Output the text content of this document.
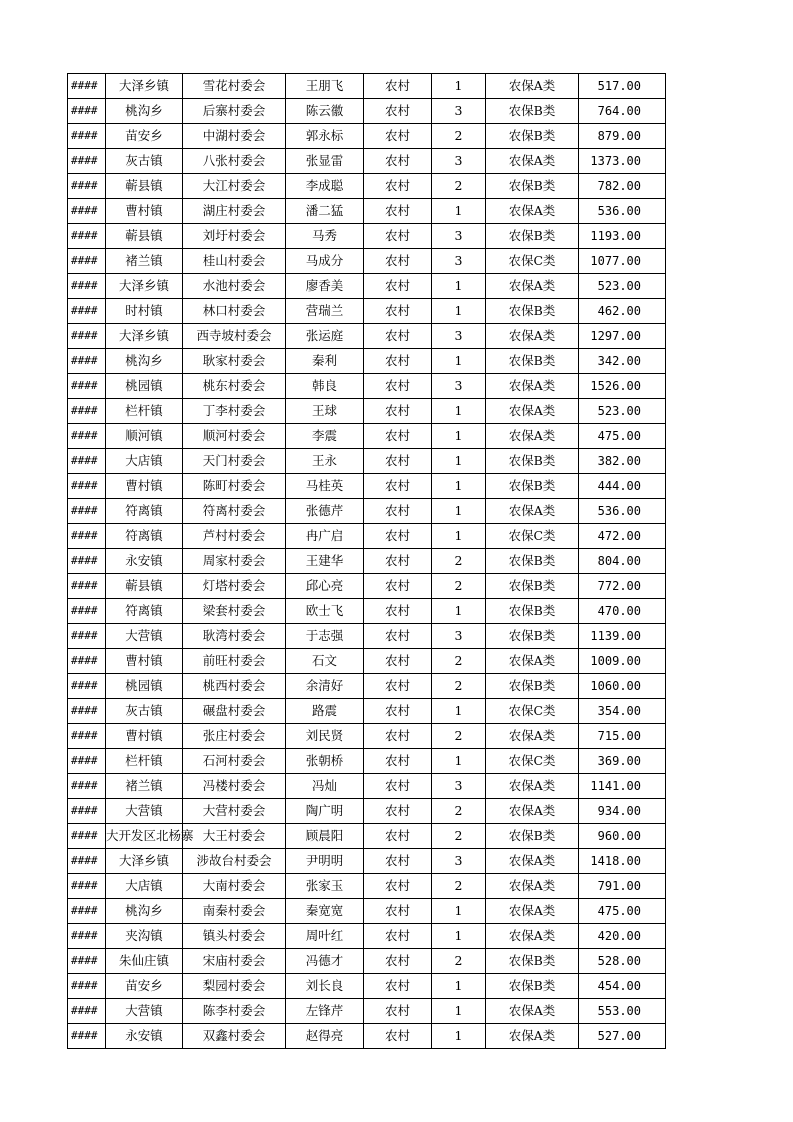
####	大泽乡镇	雪花村委会	王朋飞	农村	1	农保A类	517.00
####	桃沟乡	后寨村委会	陈云徽	农村	3	农保B类	764.00
####	苗安乡	中湖村委会	郭永标	农村	2	农保B类	879.00
####	灰古镇	八张村委会	张显雷	农村	3	农保A类	1373.00
####	蕲县镇	大江村委会	李成聪	农村	2	农保B类	782.00
####	曹村镇	湖庄村委会	潘二猛	农村	1	农保A类	536.00
####	蕲县镇	刘圩村委会	马秀	农村	3	农保B类	1193.00
####	褚兰镇	桂山村委会	马成分	农村	3	农保C类	1077.00
####	大泽乡镇	水池村委会	廖香美	农村	1	农保A类	523.00
####	时村镇	林口村委会	营瑞兰	农村	1	农保B类	462.00
####	大泽乡镇	西寺坡村委会	张运庭	农村	3	农保A类	1297.00
####	桃沟乡	耿家村委会	秦利	农村	1	农保B类	342.00
####	桃园镇	桃东村委会	韩良	农村	3	农保A类	1526.00
####	栏杆镇	丁李村委会	王球	农村	1	农保A类	523.00
####	顺河镇	顺河村委会	李震	农村	1	农保A类	475.00
####	大店镇	天门村委会	王永	农村	1	农保B类	382.00
####	曹村镇	陈町村委会	马桂英	农村	1	农保B类	444.00
####	符离镇	符离村委会	张德芹	农村	1	农保A类	536.00
####	符离镇	芦村村委会	冉广启	农村	1	农保C类	472.00
####	永安镇	周家村委会	王建华	农村	2	农保B类	804.00
####	蕲县镇	灯塔村委会	邱心亮	农村	2	农保B类	772.00
####	符离镇	梁套村委会	欧士飞	农村	1	农保B类	470.00
####	大营镇	耿湾村委会	于志强	农村	3	农保B类	1139.00
####	曹村镇	前旺村委会	石文	农村	2	农保A类	1009.00
####	桃园镇	桃西村委会	余清好	农村	2	农保B类	1060.00
####	灰古镇	碾盘村委会	路震	农村	1	农保C类	354.00
####	曹村镇	张庄村委会	刘民贤	农村	2	农保A类	715.00
####	栏杆镇	石河村委会	张朝桥	农村	1	农保C类	369.00
####	褚兰镇	冯楼村委会	冯灿	农村	3	农保A类	1141.00
####	大营镇	大营村委会	陶广明	农村	2	农保A类	934.00
####	大开发区北杨寨	大王村委会	顾晨阳	农村	2	农保B类	960.00
####	大泽乡镇	涉故台村委会	尹明明	农村	3	农保A类	1418.00
####	大店镇	大南村委会	张家玉	农村	2	农保A类	791.00
####	桃沟乡	南秦村委会	秦宽宽	农村	1	农保A类	475.00
####	夹沟镇	镇头村委会	周叶红	农村	1	农保A类	420.00
####	朱仙庄镇	宋庙村委会	冯德才	农村	2	农保B类	528.00
####	苗安乡	梨园村委会	刘长良	农村	1	农保B类	454.00
####	大营镇	陈李村委会	左锋芹	农村	1	农保A类	553.00
####	永安镇	双鑫村委会	赵得亮	农村	1	农保A类	527.00
